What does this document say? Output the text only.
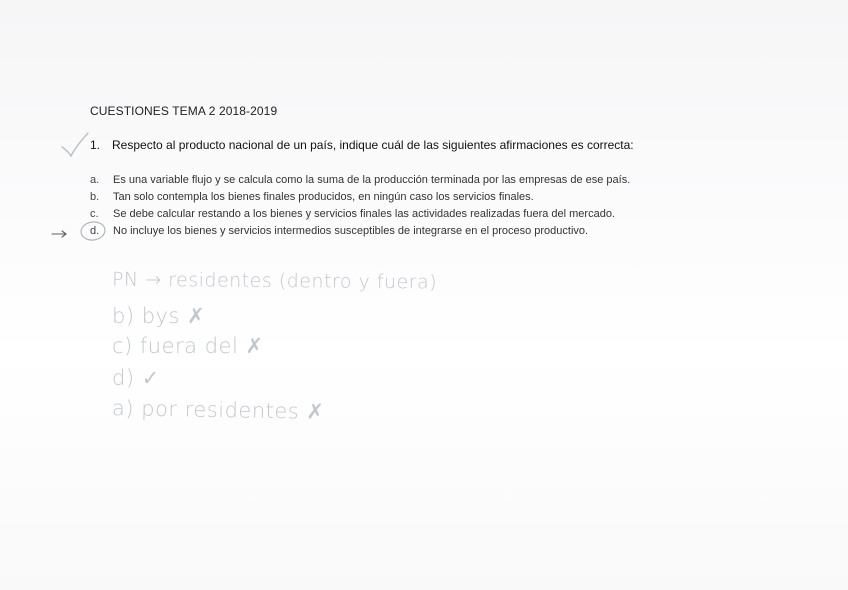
CUESTIONES TEMA 2 2018-2019
1. Respecto al producto nacional de un país, indique cuál de las siguientes afirmaciones es correcta:
a. Es una variable flujo y se calcula como la suma de la producción terminada por las empresas de ese país.
b. Tan solo contempla los bienes finales producidos, en ningún caso los servicios finales.
c. Se debe calcular restando a los bienes y servicios finales las actividades realizadas fuera del mercado.
d. No incluye los bienes y servicios intermedios susceptibles de integrarse en el proceso productivo.
PN → residentes (dentro y fuera)
b) bys ✗
c) fuera del ✗
d) ✓
a) por residentes ✗
